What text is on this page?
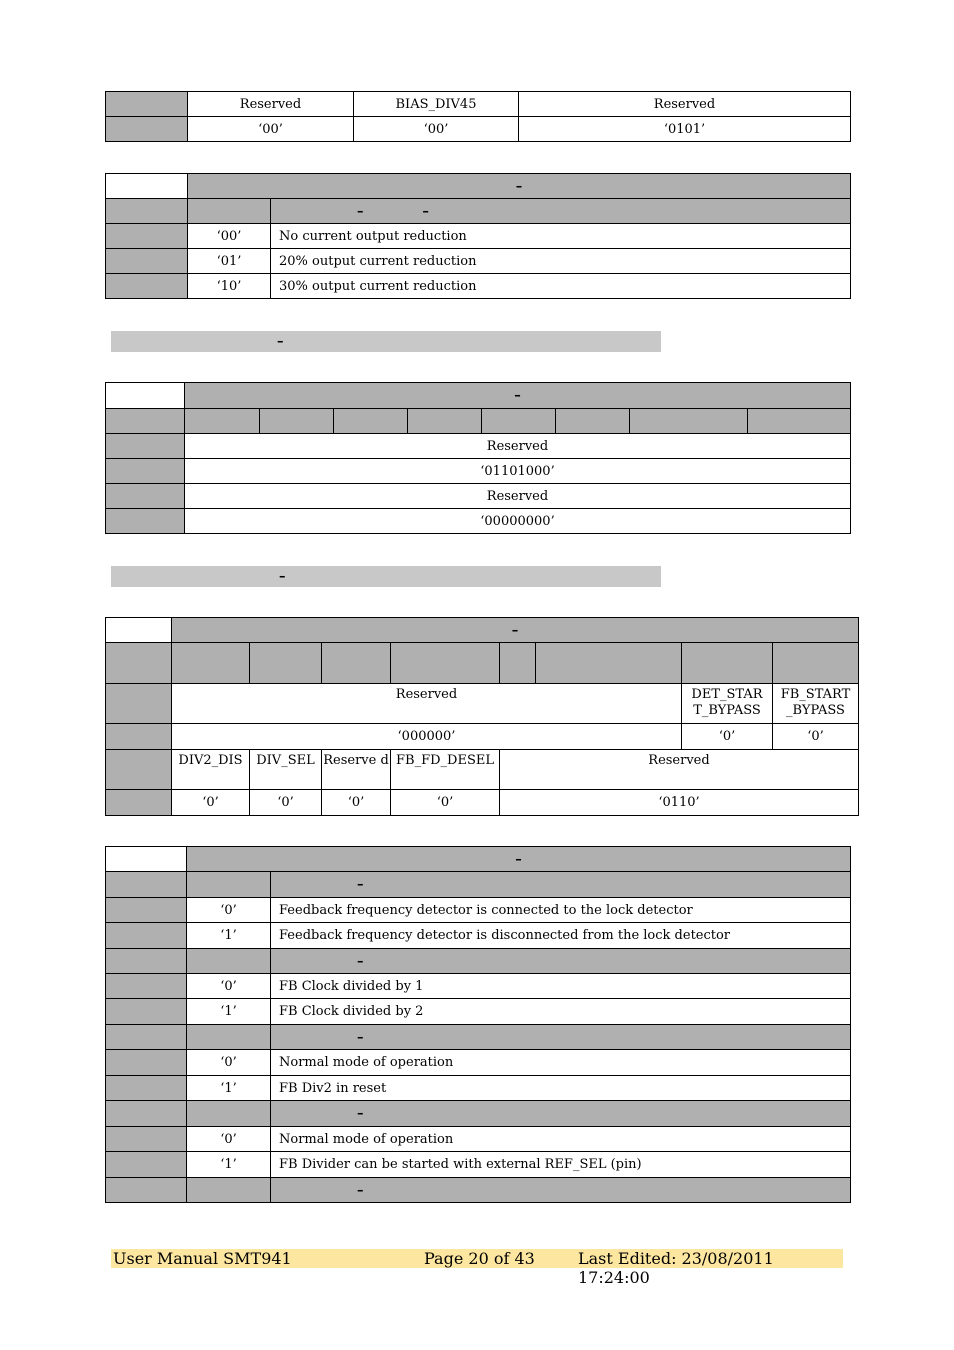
	Reserved	BIAS_DIV45	Reserved
	‘00’	‘00’	‘0101’
	–	
		–             –
	‘00’	No current output reduction
	‘01’	20% output current reduction
	‘10’	30% output current reduction
–
	–							

	Reserved							
	‘01101000’							
	Reserved							
	‘00000000’							
–
	–							

	Reserved						DET_STAR T_BYPASS	FB_START _BYPASS
	‘000000’						‘0’	‘0’
	DIV2_DIS	DIV_SEL	Reserve d	FB_FD_DESEL	Reserved			
	‘0’	‘0’	‘0’	‘0’	‘0110’			
	–	
		–
	‘0’	Feedback frequency detector is connected to the lock detector
	‘1’	Feedback frequency detector is disconnected from the lock detector
		–
	‘0’	FB Clock divided by 1
	‘1’	FB Clock divided by 2
		–
	‘0’	Normal mode of operation
	‘1’	FB Div2 in reset
		–
	‘0’	Normal mode of operation
	‘1’	FB Divider can be started with external REF_SEL (pin)
		–
User Manual SMT941	Page 20 of 43	Last Edited: 23/08/2011 17:24:00
